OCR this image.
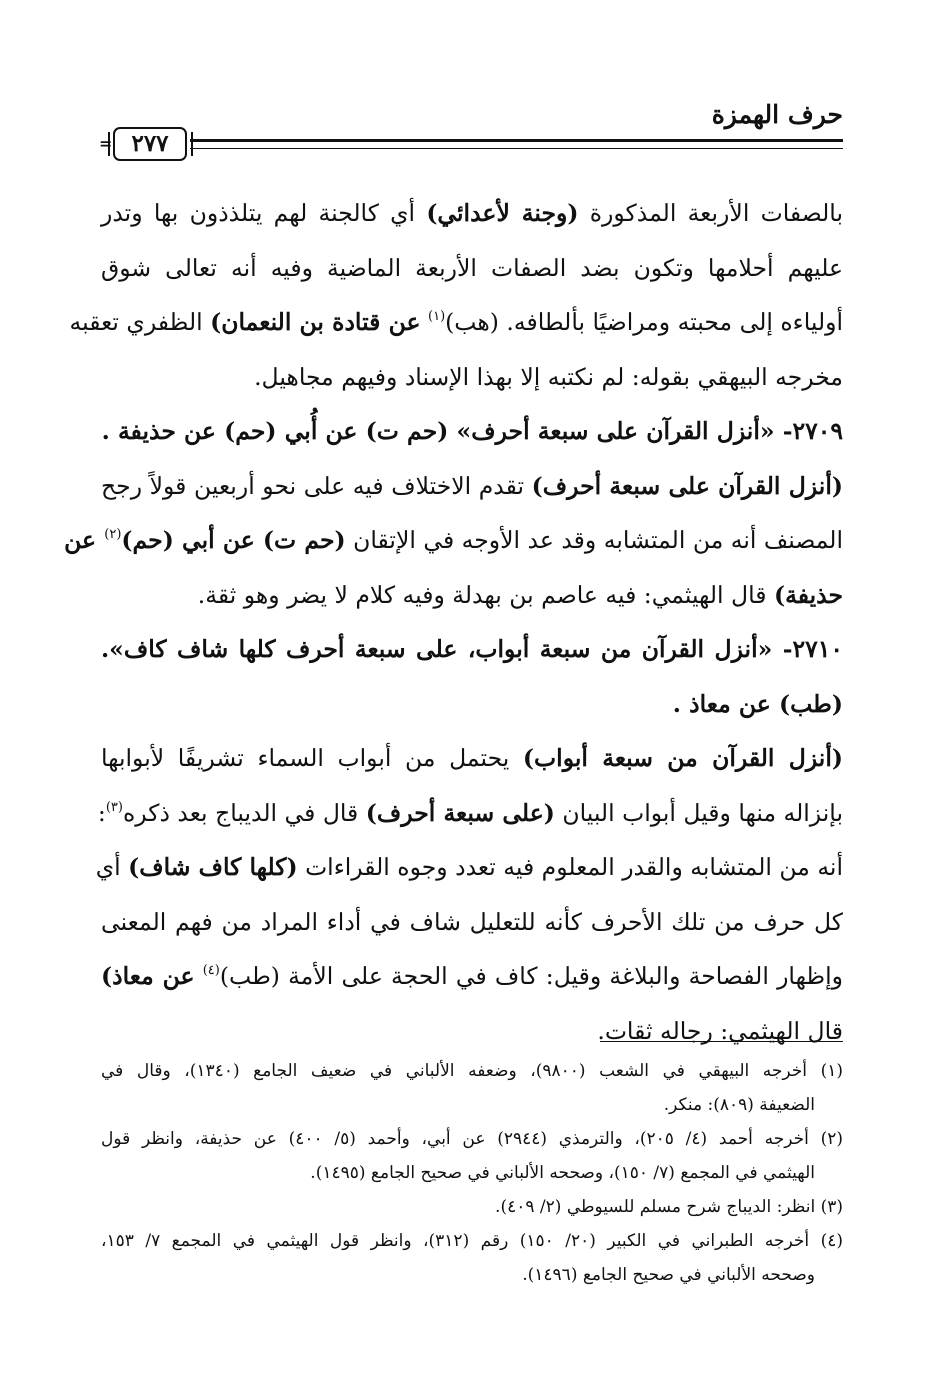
حرف الهمزة
٢٧٧
=
بالصفات الأربعة المذكورة (وجنة لأعدائي) أي كالجنة لهم يتلذذون بها وتدر
عليهم أحلامها وتكون بضد الصفات الأربعة الماضية وفيه أنه تعالى شوق
أولياءه إلى محبته ومراضيًا بألطافه. (هب)$^{(١)}$ عن قتادة بن النعمان) الظفري تعقبه
مخرجه البيهقي بقوله: لم نكتبه إلا بهذا الإسناد وفيهم مجاهيل.
٢٧٠٩- «أنزل القرآن على سبعة أحرف» (حم ت) عن أُبي (حم) عن حذيفة .
(أنزل القرآن على سبعة أحرف) تقدم الاختلاف فيه على نحو أربعين قولاً رجح
المصنف أنه من المتشابه وقد عد الأوجه في الإتقان (حم ت) عن أبي (حم)$^{(٢)}$ عن
حذيفة) قال الهيثمي: فيه عاصم بن بهدلة وفيه كلام لا يضر وهو ثقة.
٢٧١٠- «أنزل القرآن من سبعة أبواب، على سبعة أحرف كلها شاف كاف».
(طب) عن معاذ .
(أنزل القرآن من سبعة أبواب) يحتمل من أبواب السماء تشريفًا لأبوابها
بإنزاله منها وقيل أبواب البيان (على سبعة أحرف) قال في الديباج بعد ذكره$^{(٣)}$:
أنه من المتشابه والقدر المعلوم فيه تعدد وجوه القراءات (كلها كاف شاف) أي
كل حرف من تلك الأحرف كأنه للتعليل شاف في أداء المراد من فهم المعنى
وإظهار الفصاحة والبلاغة وقيل: كاف في الحجة على الأمة (طب)$^{(٤)}$ عن معاذ)
قال الهيثمي: رجاله ثقات.
(١) أخرجه البيهقي في الشعب (٩٨٠٠)، وضعفه الألباني في ضعيف الجامع (١٣٤٠)، وقال في
الضعيفة (٨٠٩): منكر.
(٢) أخرجه أحمد (٤/ ٢٠٥)، والترمذي (٢٩٤٤) عن أبي، وأحمد (٥/ ٤٠٠) عن حذيفة، وانظر قول
الهيثمي في المجمع (٧/ ١٥٠)، وصححه الألباني في صحيح الجامع (١٤٩٥).
(٣) انظر: الديباج شرح مسلم للسيوطي (٢/ ٤٠٩).
(٤) أخرجه الطبراني في الكبير (٢٠/ ١٥٠) رقم (٣١٢)، وانظر قول الهيثمي في المجمع ٧/ ١٥٣،
وصححه الألباني في صحيح الجامع (١٤٩٦).
